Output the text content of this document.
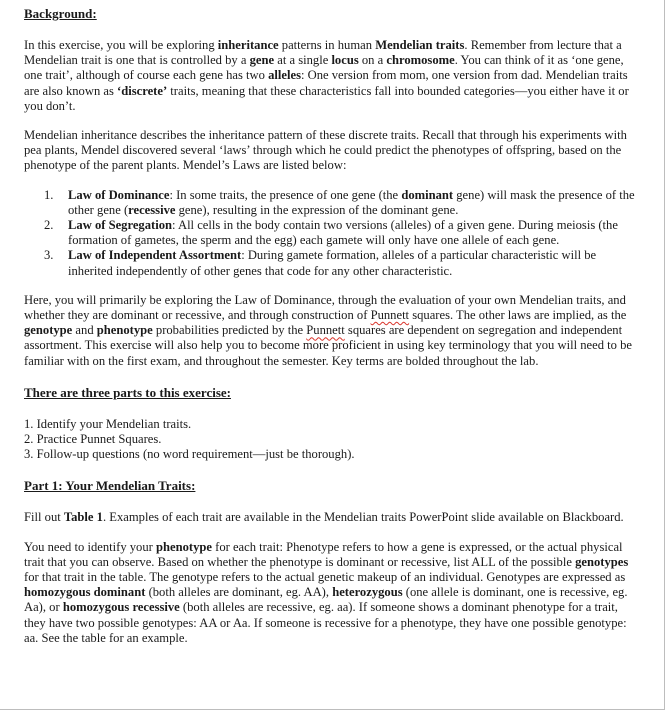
Background:

In this exercise, you will be exploring inheritance patterns in human Mendelian traits. Remember from lecture that a Mendelian trait is one that is controlled by a gene at a single locus on a chromosome. You can think of it as ‘one gene, one trait’, although of course each gene has two alleles: One version from mom, one version from dad. Mendelian traits are also known as ‘discrete’ traits, meaning that these characteristics fall into bounded categories—you either have it or you don’t.

Mendelian inheritance describes the inheritance pattern of these discrete traits. Recall that through his experiments with pea plants, Mendel discovered several ‘laws’ through which he could predict the phenotypes of offspring, based on the phenotype of the parent plants. Mendel’s Laws are listed below:

1. Law of Dominance: In some traits, the presence of one gene (the dominant gene) will mask the presence of the other gene (recessive gene), resulting in the expression of the dominant gene.
2. Law of Segregation: All cells in the body contain two versions (alleles) of a given gene. During meiosis (the formation of gametes, the sperm and the egg) each gamete will only have one allele of each gene.
3. Law of Independent Assortment: During gamete formation, alleles of a particular characteristic will be inherited independently of other genes that code for any other characteristic.

Here, you will primarily be exploring the Law of Dominance, through the evaluation of your own Mendelian traits, and whether they are dominant or recessive, and through construction of Punnett squares. The other laws are implied, as the genotype and phenotype probabilities predicted by the Punnett squares are dependent on segregation and independent assortment. This exercise will also help you to become more proficient in using key terminology that you will need to be familiar with on the first exam, and throughout the semester. Key terms are bolded throughout the lab.

There are three parts to this exercise:

1. Identify your Mendelian traits.

2. Practice Punnet Squares.

3. Follow-up questions (no word requirement—just be thorough).

Part 1: Your Mendelian Traits:

Fill out Table 1. Examples of each trait are available in the Mendelian traits PowerPoint slide available on Blackboard.

You need to identify your phenotype for each trait: Phenotype refers to how a gene is expressed, or the actual physical trait that you can observe. Based on whether the phenotype is dominant or recessive, list ALL of the possible genotypes for that trait in the table. The genotype refers to the actual genetic makeup of an individual. Genotypes are expressed as homozygous dominant (both alleles are dominant, eg. AA), heterozygous (one allele is dominant, one is recessive, eg. Aa), or homozygous recessive (both alleles are recessive, eg. aa). If someone shows a dominant phenotype for a trait, they have two possible genotypes: AA or Aa. If someone is recessive for a phenotype, they have one possible genotype: aa. See the table for an example.
